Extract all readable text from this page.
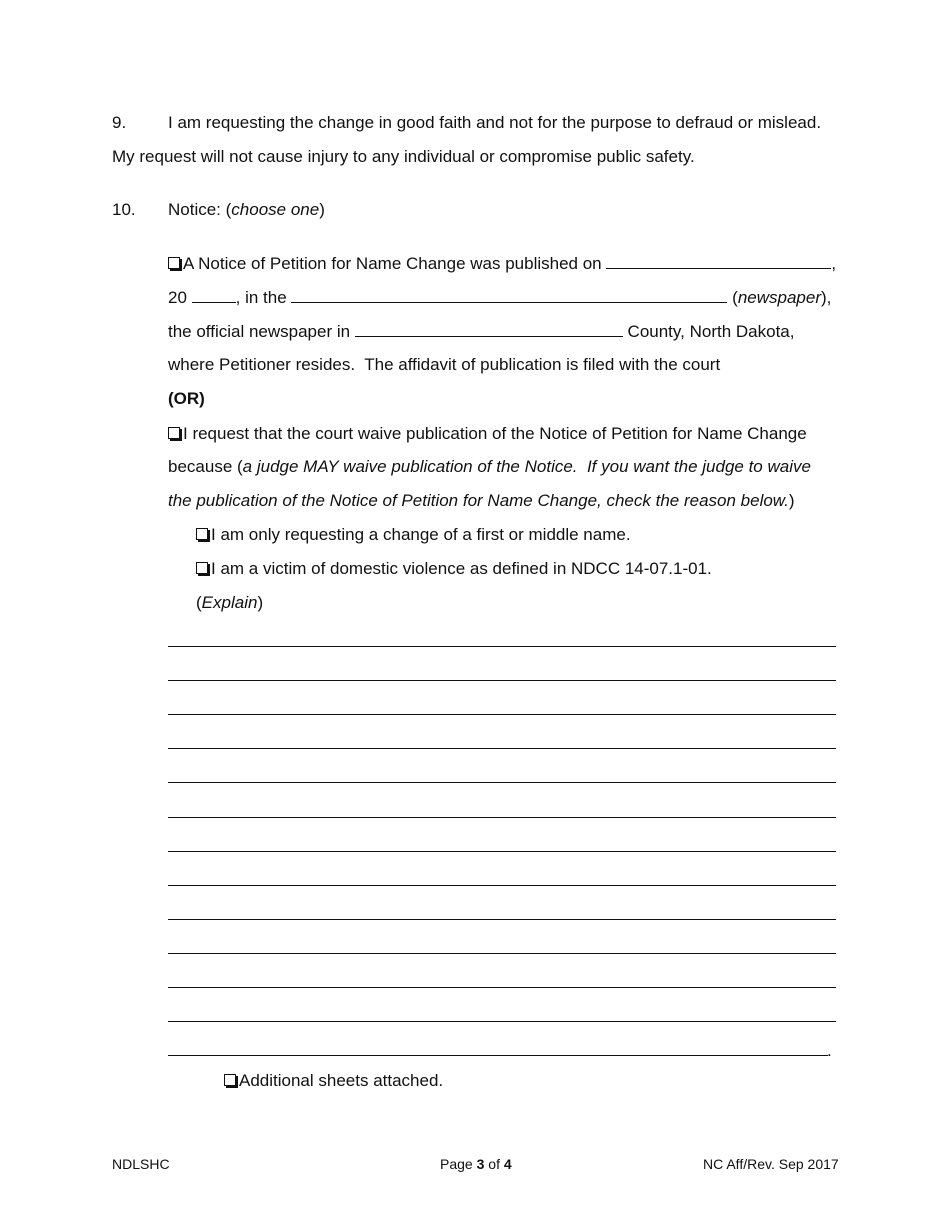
9. I am requesting the change in good faith and not for the purpose to defraud or mislead.
My request will not cause injury to any individual or compromise public safety.
10. Notice: (choose one)
A Notice of Petition for Name Change was published on	,
20	, in the	(newspaper),
the official newspaper in	County, North Dakota,
where Petitioner resides.  The affidavit of publication is filed with the court
(OR)
I request that the court waive publication of the Notice of Petition for Name Change
because (a judge MAY waive publication of the Notice.  If you want the judge to waive
the publication of the Notice of Petition for Name Change, check the reason below.)
I am only requesting a change of a first or middle name.
I am a victim of domestic violence as defined in NDCC 14-07.1-01.
(Explain)
.
Additional sheets attached.
NDLSHC	Page 3 of 4	NC Aff/Rev. Sep 2017
